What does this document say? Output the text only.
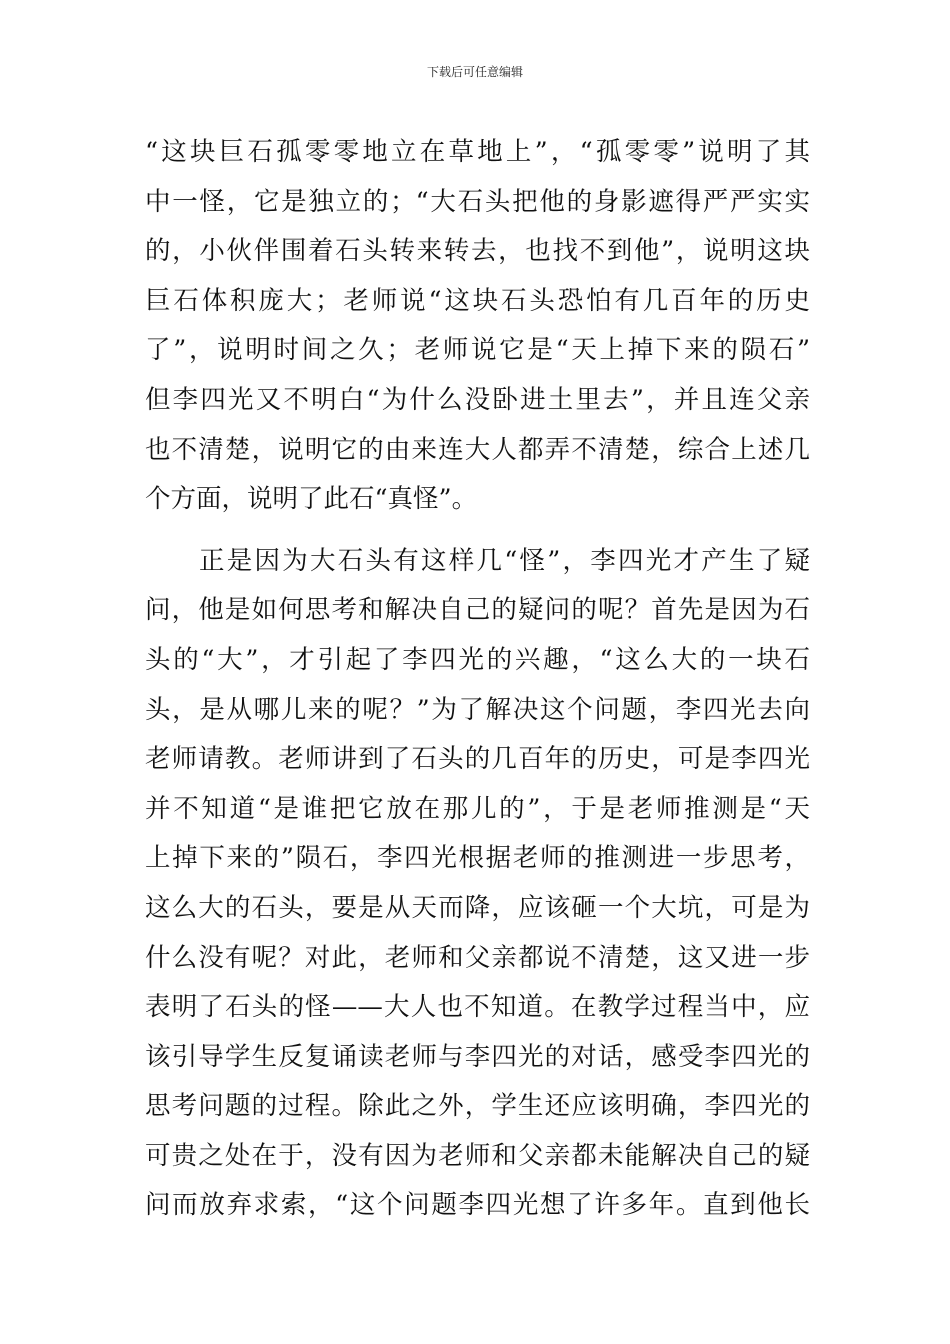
下载后可任意编辑
“这块巨石孤零零地立在草地上”，“孤零零”说明了其
中一怪，它是独立的；“大石头把他的身影遮得严严实实
的，小伙伴围着石头转来转去，也找不到他”，说明这块
巨石体积庞大；老师说“这块石头恐怕有几百年的历史
了”，说明时间之久；老师说它是“天上掉下来的陨石”
但李四光又不明白“为什么没卧进土里去”，并且连父亲
也不清楚，说明它的由来连大人都弄不清楚，综合上述几
个方面，说明了此石“真怪”。
正是因为大石头有这样几“怪”，李四光才产生了疑
问，他是如何思考和解决自己的疑问的呢？首先是因为石
头的“大”，才引起了李四光的兴趣，“这么大的一块石
头，是从哪儿来的呢？”为了解决这个问题，李四光去向
老师请教。老师讲到了石头的几百年的历史，可是李四光
并不知道“是谁把它放在那儿的”，于是老师推测是“天
上掉下来的”陨石，李四光根据老师的推测进一步思考，
这么大的石头，要是从天而降，应该砸一个大坑，可是为
什么没有呢？对此，老师和父亲都说不清楚，这又进一步
表明了石头的怪——大人也不知道。在教学过程当中，应
该引导学生反复诵读老师与李四光的对话，感受李四光的
思考问题的过程。除此之外，学生还应该明确，李四光的
可贵之处在于，没有因为老师和父亲都未能解决自己的疑
问而放弃求索，“这个问题李四光想了许多年。直到他长
